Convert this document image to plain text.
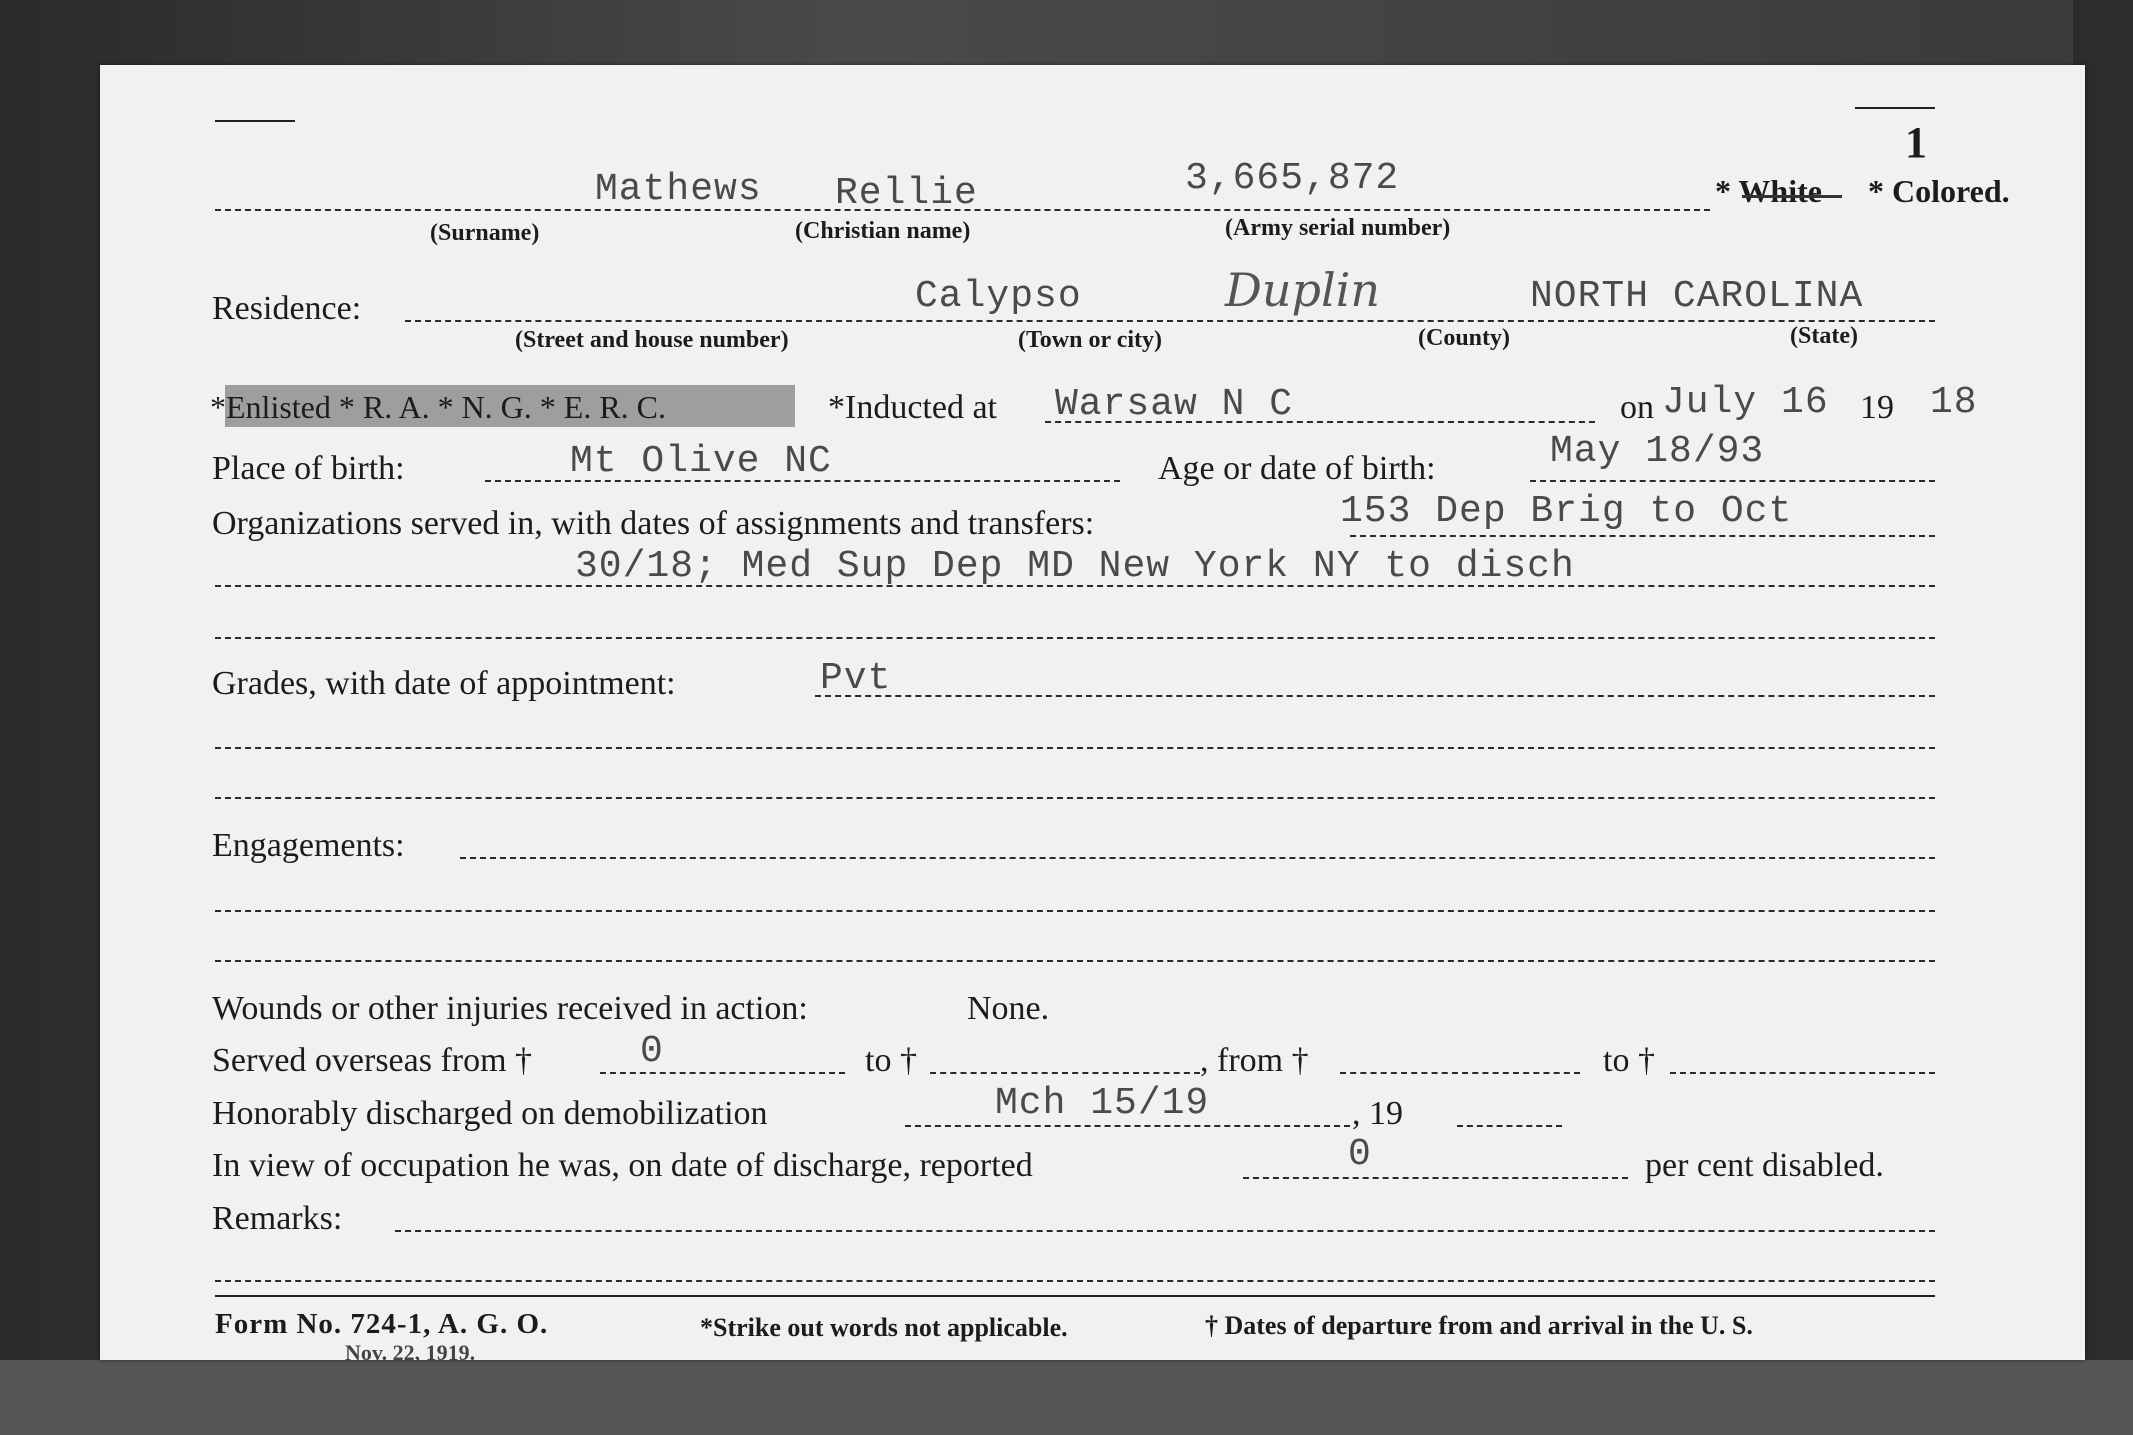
1
Mathews Rellie	3,665,872	* White * Colored.
(Surname)	(Christian name)	(Army serial number)
Residence:	Calypso	Duplin	NORTH CAROLINA
(Street and house number)	(Town or city)	(County)	(State)
*Enlisted * R. A. * N. G. * E. R. C.	*Inducted at Warsaw N C	on July 16 19 18
Place of birth:	Mt Olive NC	Age or date of birth:	May 18/93
Organizations served in, with dates of assignments and transfers:	153 Dep Brig to Oct
30/18; Med Sup Dep MD New York NY to disch
Grades, with date of appointment:	Pvt
Engagements:
Wounds or other injuries received in action:	None.
Served overseas from †	0	to †	, from †	to †
Honorably discharged on demobilization	Mch 15/19	, 19
In view of occupation he was, on date of discharge, reported	0	per cent disabled.
Remarks:
Form No. 724-1, A. G. O.
Nov. 22, 1919.
*Strike out words not applicable.	† Dates of departure from and arrival in the U. S.
